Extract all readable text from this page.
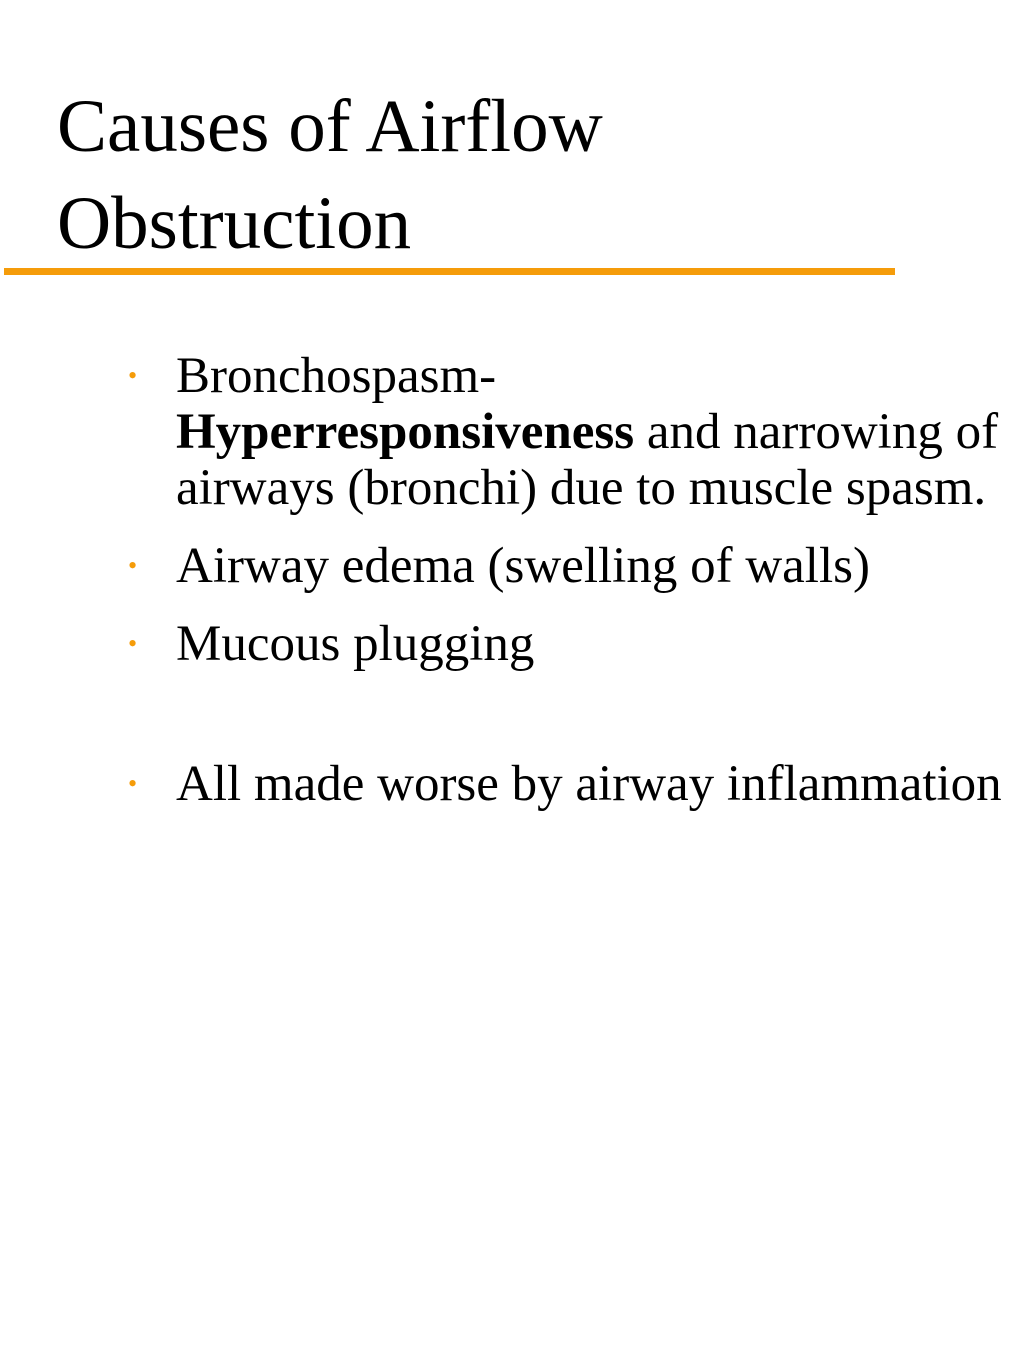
Causes of Airflow Obstruction
• Bronchospasm-
Hyperresponsiveness and narrowing of airways (bronchi) due to muscle spasm.
• Airway edema (swelling of walls)
• Mucous plugging
• All made worse by airway inflammation
